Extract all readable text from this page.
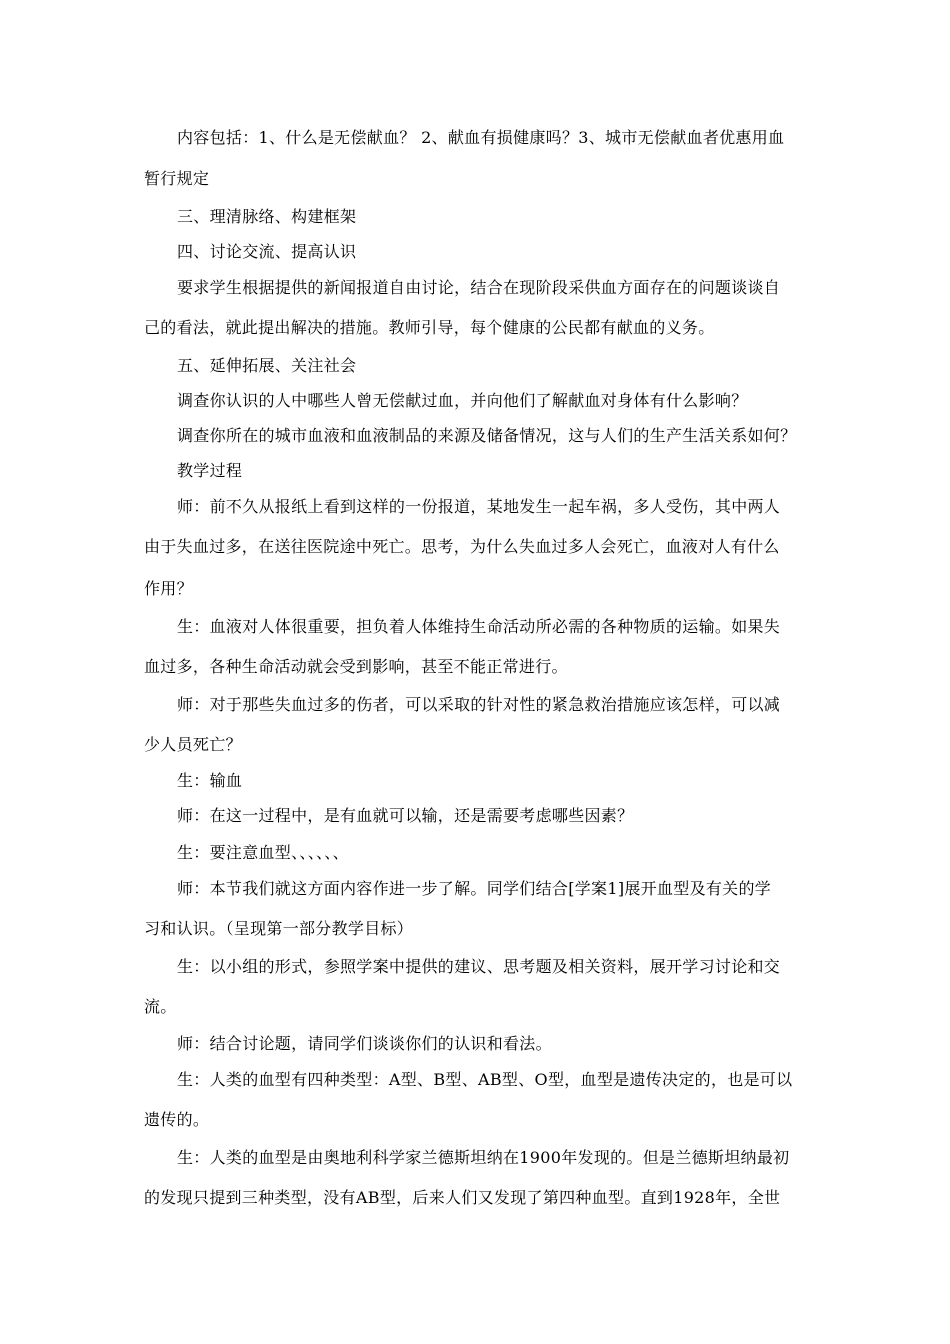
内容包括：1、什么是无偿献血？ 2、献血有损健康吗？3、城市无偿献血者优惠用血
暂行规定
三、理清脉络、构建框架
四、讨论交流、提高认识
要求学生根据提供的新闻报道自由讨论，结合在现阶段采供血方面存在的问题谈谈自
己的看法，就此提出解决的措施。教师引导，每个健康的公民都有献血的义务。
五、延伸拓展、关注社会
调查你认识的人中哪些人曾无偿献过血，并向他们了解献血对身体有什么影响？
调查你所在的城市血液和血液制品的来源及储备情况，这与人们的生产生活关系如何？
教学过程
师：前不久从报纸上看到这样的一份报道，某地发生一起车祸，多人受伤，其中两人
由于失血过多，在送往医院途中死亡。思考，为什么失血过多人会死亡，血液对人有什么
作用？
生：血液对人体很重要，担负着人体维持生命活动所必需的各种物质的运输。如果失
血过多，各种生命活动就会受到影响，甚至不能正常进行。
师：对于那些失血过多的伤者，可以采取的针对性的紧急救治措施应该怎样，可以减
少人员死亡？
生：输血
师：在这一过程中，是有血就可以输，还是需要考虑哪些因素？
生：要注意血型、、、、、、
师：本节我们就这方面内容作进一步了解。同学们结合[学案1]展开血型及有关的学
习和认识。（呈现第一部分教学目标）
生：以小组的形式，参照学案中提供的建议、思考题及相关资料，展开学习讨论和交
流。
师：结合讨论题，请同学们谈谈你们的认识和看法。
生：人类的血型有四种类型：A型、B型、AB型、O型，血型是遗传决定的，也是可以
遗传的。
生：人类的血型是由奥地利科学家兰德斯坦纳在1900年发现的。但是兰德斯坦纳最初
的发现只提到三种类型，没有AB型，后来人们又发现了第四种血型。直到1928年，全世
